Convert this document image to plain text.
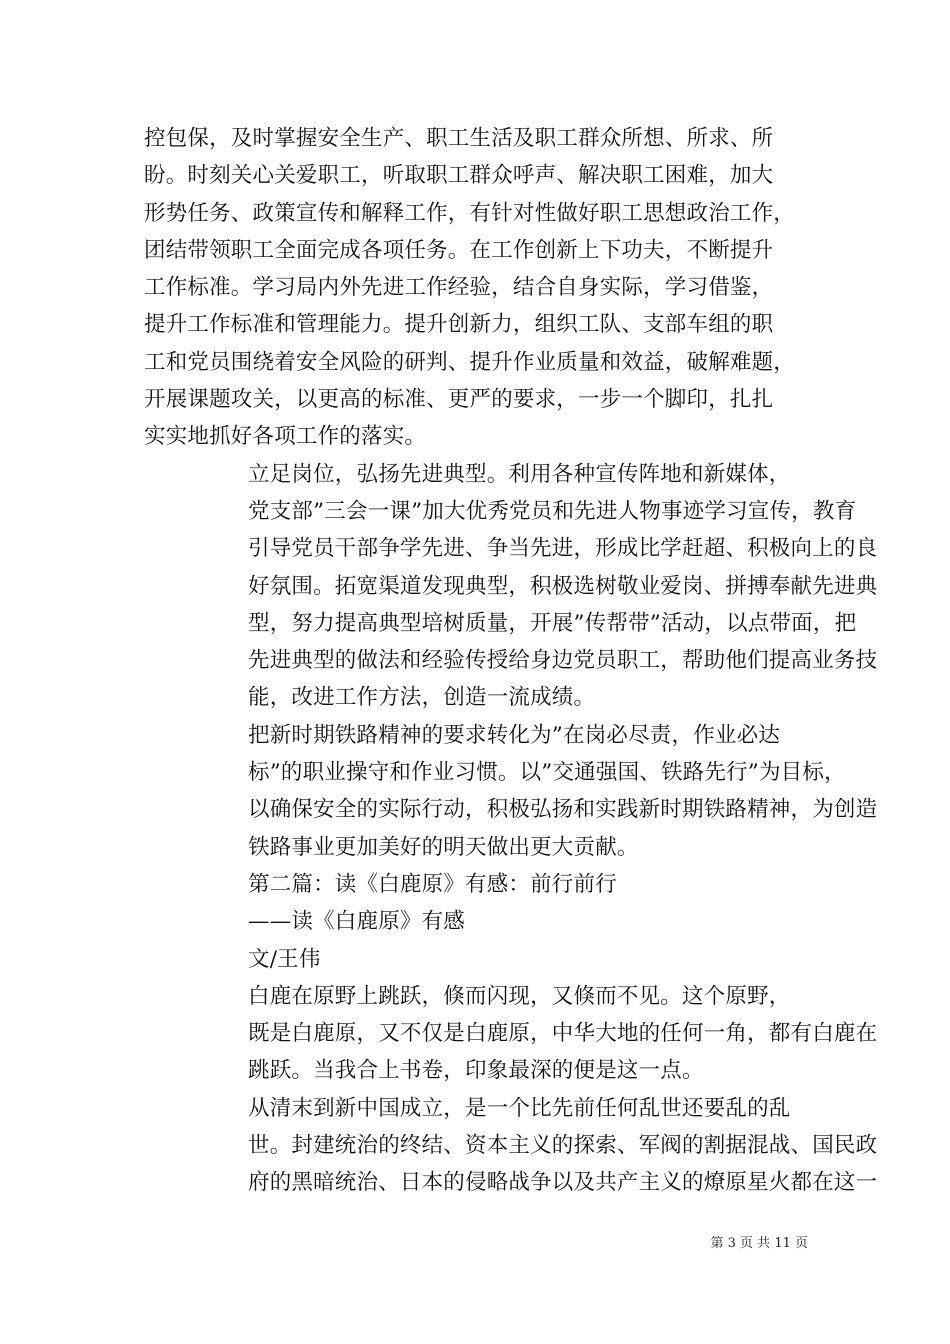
控包保，及时掌握安全生产、职工生活及职工群众所想、所求、所
盼。时刻关心关爱职工，听取职工群众呼声、解决职工困难，加大
形势任务、政策宣传和解释工作，有针对性做好职工思想政治工作，
团结带领职工全面完成各项任务。在工作创新上下功夫，不断提升
工作标准。学习局内外先进工作经验，结合自身实际，学习借鉴，
提升工作标准和管理能力。提升创新力，组织工队、支部车组的职
工和党员围绕着安全风险的研判、提升作业质量和效益，破解难题，
开展课题攻关，以更高的标准、更严的要求，一步一个脚印，扎扎
实实地抓好各项工作的落实。

立足岗位，弘扬先进典型。利用各种宣传阵地和新媒体，
党支部”三会一课”加大优秀党员和先进人物事迹学习宣传，教育
引导党员干部争学先进、争当先进，形成比学赶超、积极向上的良
好氛围。拓宽渠道发现典型，积极选树敬业爱岗、拼搏奉献先进典
型，努力提高典型培树质量，开展”传帮带”活动，以点带面，把
先进典型的做法和经验传授给身边党员职工，帮助他们提高业务技
能，改进工作方法，创造一流成绩。

把新时期铁路精神的要求转化为”在岗必尽责，作业必达
标”的职业操守和作业习惯。以”交通强国、铁路先行”为目标，
以确保安全的实际行动，积极弘扬和实践新时期铁路精神，为创造
铁路事业更加美好的明天做出更大贡献。

第二篇：读《白鹿原》有感：前行前行

——读《白鹿原》有感

文/王伟

白鹿在原野上跳跃，倏而闪现，又倏而不见。这个原野，
既是白鹿原，又不仅是白鹿原，中华大地的任何一角，都有白鹿在
跳跃。当我合上书卷，印象最深的便是这一点。

从清末到新中国成立，是一个比先前任何乱世还要乱的乱
世。封建统治的终结、资本主义的探索、军阀的割据混战、国民政
府的黑暗统治、日本的侵略战争以及共产主义的燎原星火都在这一

第 3 页 共 11 页
